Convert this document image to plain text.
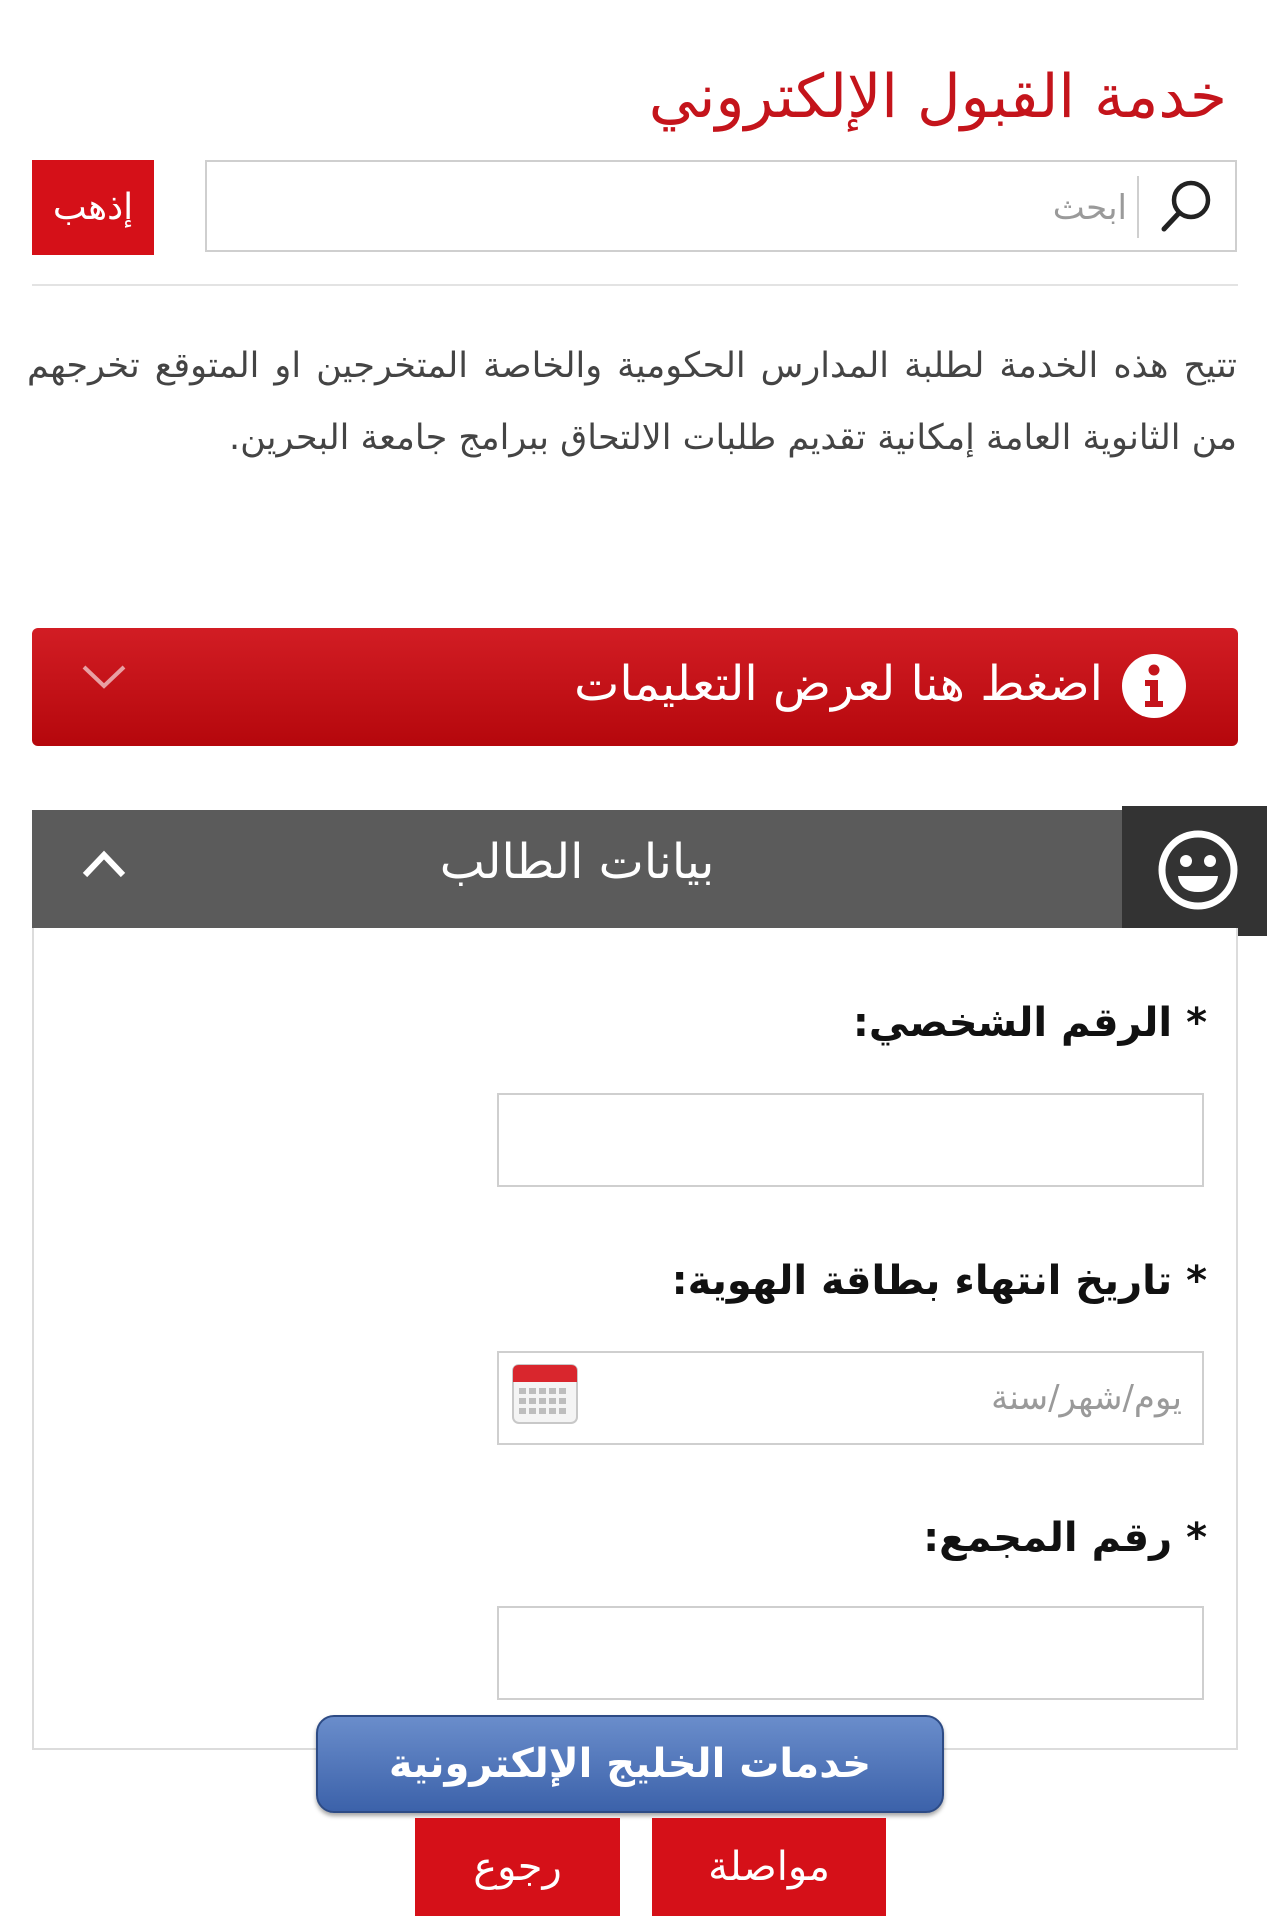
خدمة القبول الإلكتروني
ابحث
إذهب

تتيح هذه الخدمة لطلبة المدارس الحكومية والخاصة المتخرجين او المتوقع تخرجهم من الثانوية العامة إمكانية تقديم طلبات الالتحاق ببرامج جامعة البحرين.

اضغط هنا لعرض التعليمات
بيانات الطالب
* الرقم الشخصي:
* تاريخ انتهاء بطاقة الهوية:
يوم/شهر/سنة
* رقم المجمع:
خدمات الخليج الإلكترونية
رجوع	مواصلة
